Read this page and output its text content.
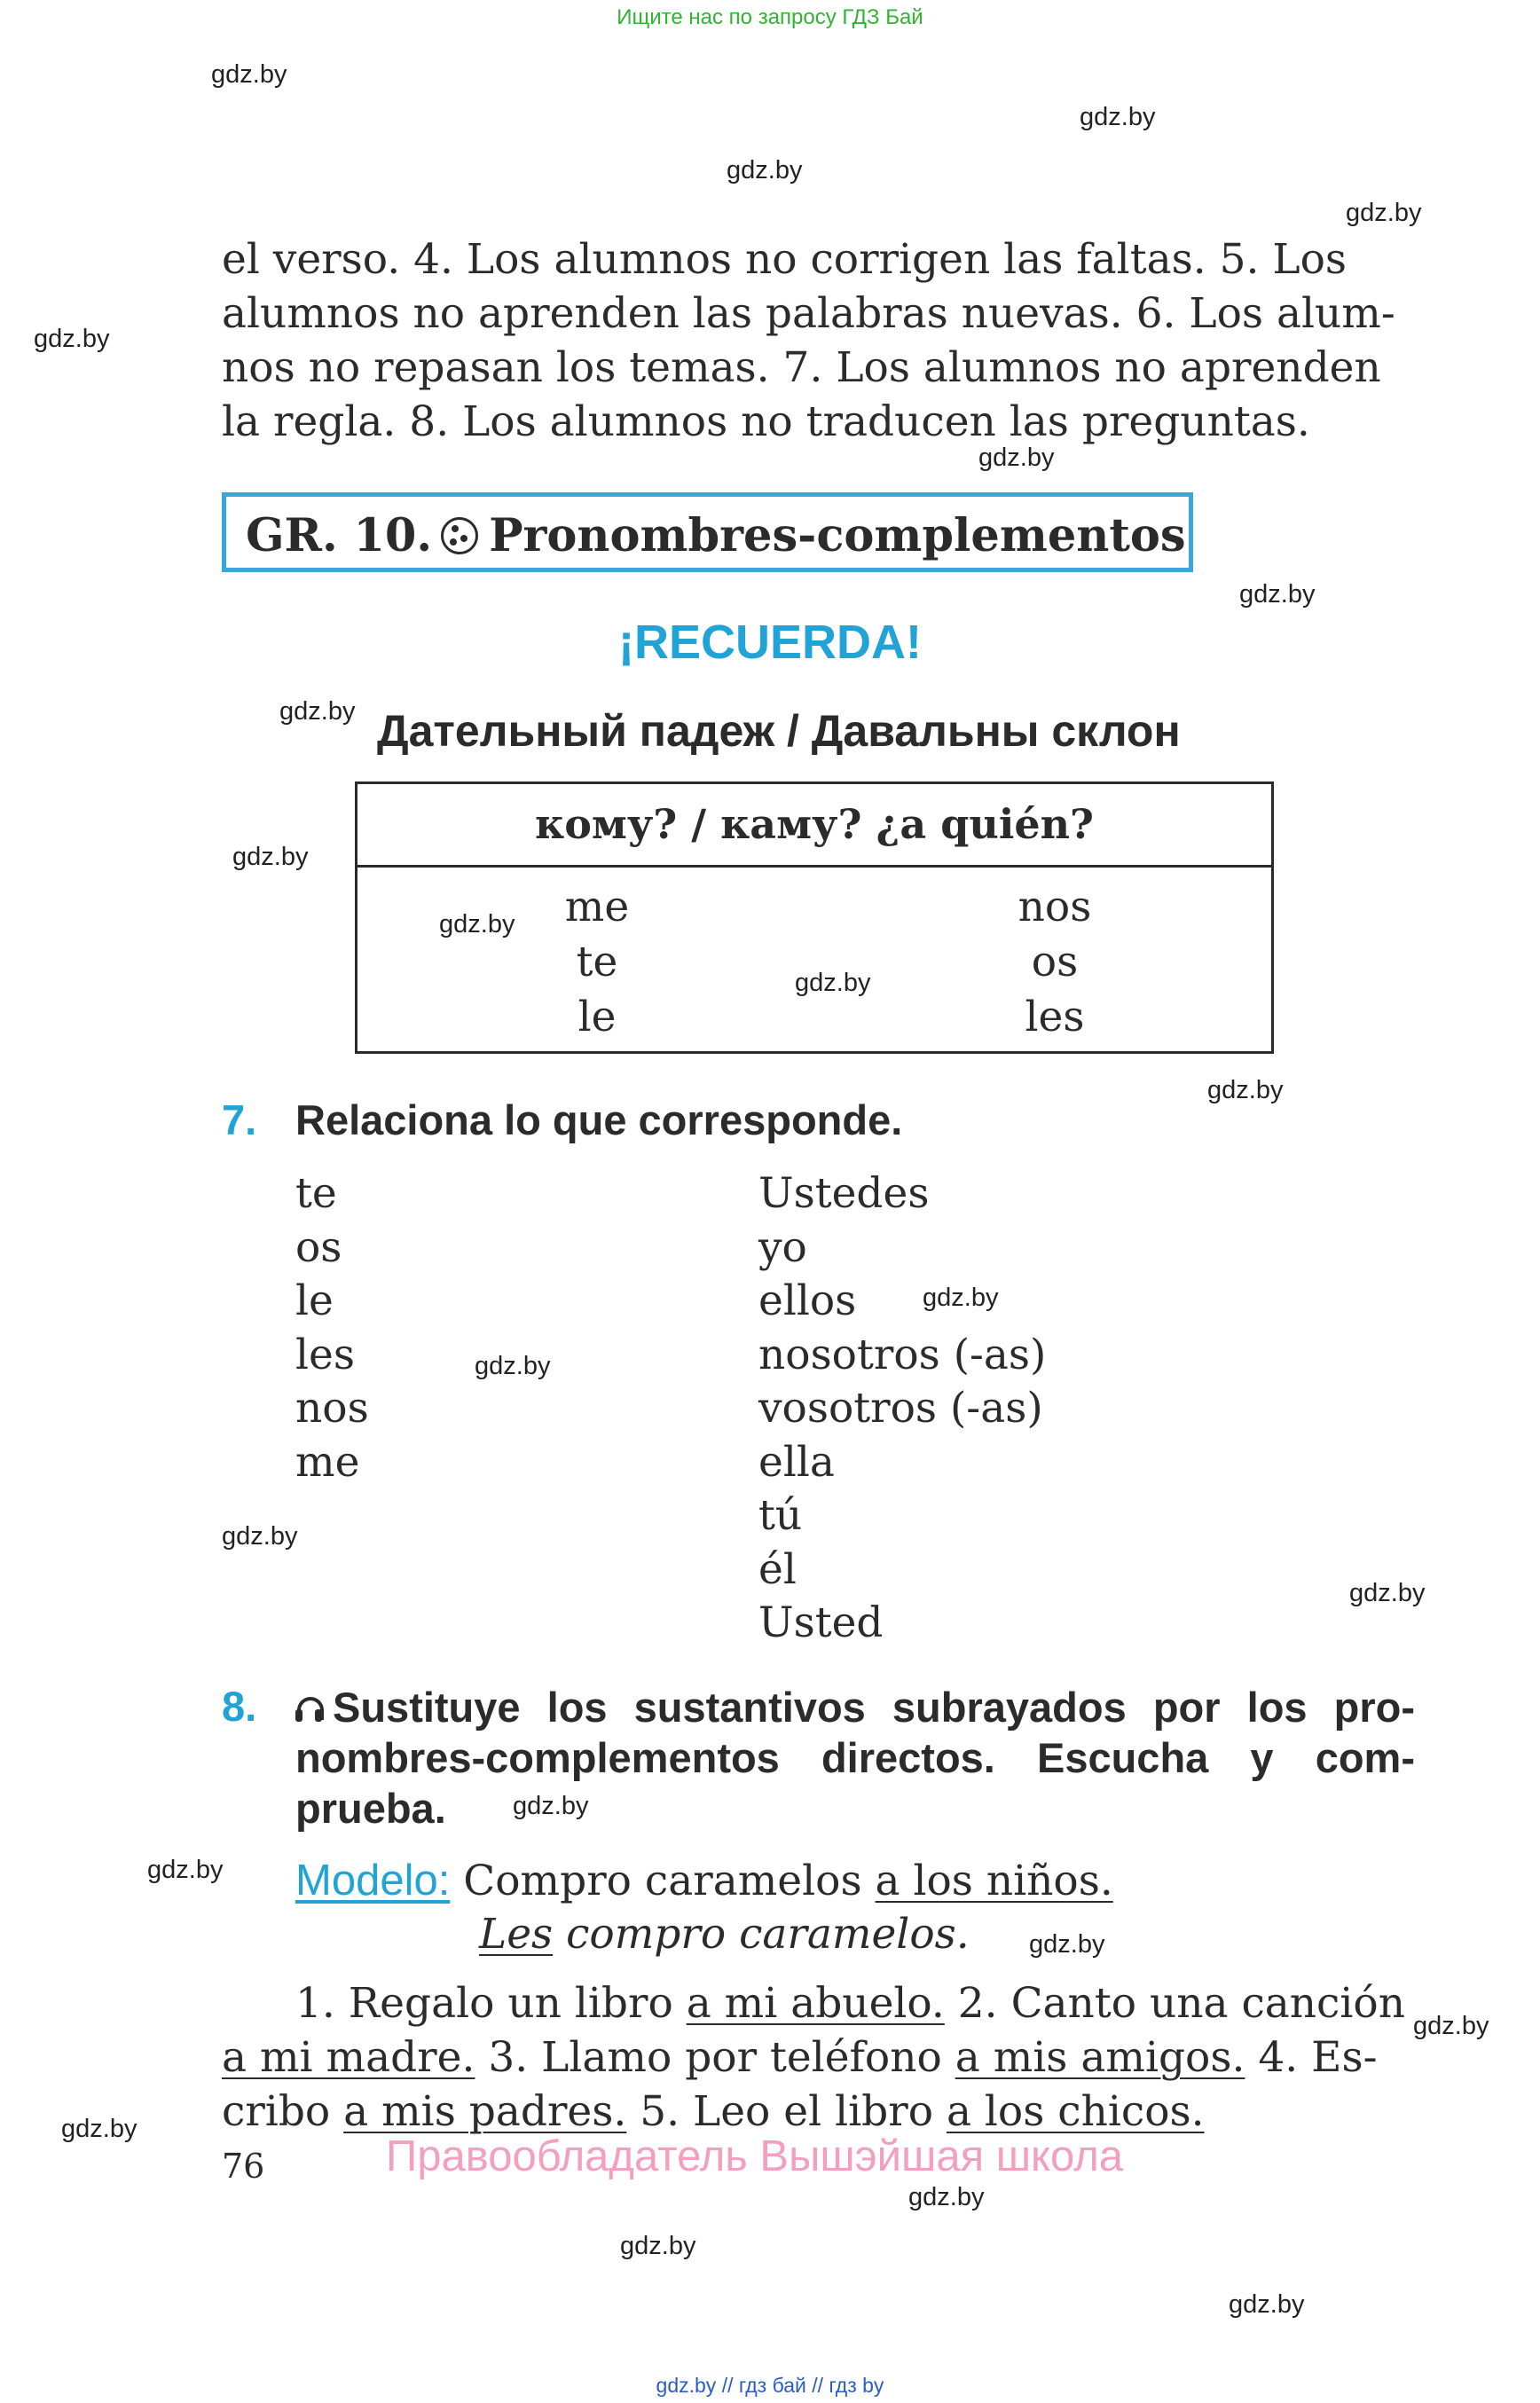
Ищите нас по запросу ГДЗ Бай
gdz.by
gdz.by
gdz.by
gdz.by
gdz.by
gdz.by
gdz.by
gdz.by
gdz.by
gdz.by
gdz.by
gdz.by
gdz.by
gdz.by
gdz.by
gdz.by
gdz.by
gdz.by
gdz.by
gdz.by
gdz.by
gdz.by
gdz.by
gdz.by
el verso. 4. Los alumnos no corrigen las faltas. 5. Los
alumnos no aprenden las palabras nuevas. 6. Los alum-
nos no repasan los temas. 7. Los alumnos no aprenden
la regla. 8. Los alumnos no traducen las preguntas.
GR. 10. Pronombres-complementos
¡RECUERDA!
Дательный падеж / Давальны склон
кому? / каму? ¿a quién?
me
te
le
nos
os
les
7. Relaciona lo que corresponde.
te
os
le
les
nos
me
Ustedes
yo
ellos
nosotros (-as)
vosotros (-as)
ella
tú
él
Usted
8.	Sustituye los sustantivos subrayados por los pro-
nombres-complementos directos. Escucha y com-
prueba.
Modelo: Compro caramelos a los niños.
Les compro caramelos.
1. Regalo un libro a mi abuelo. 2. Canto una canción
a mi madre. 3. Llamo por teléfono a mis amigos. 4. Es-
cribo a mis padres. 5. Leo el libro a los chicos.
76	Правообладатель Вышэйшая школа
gdz.by // гдз бай // гдз by
